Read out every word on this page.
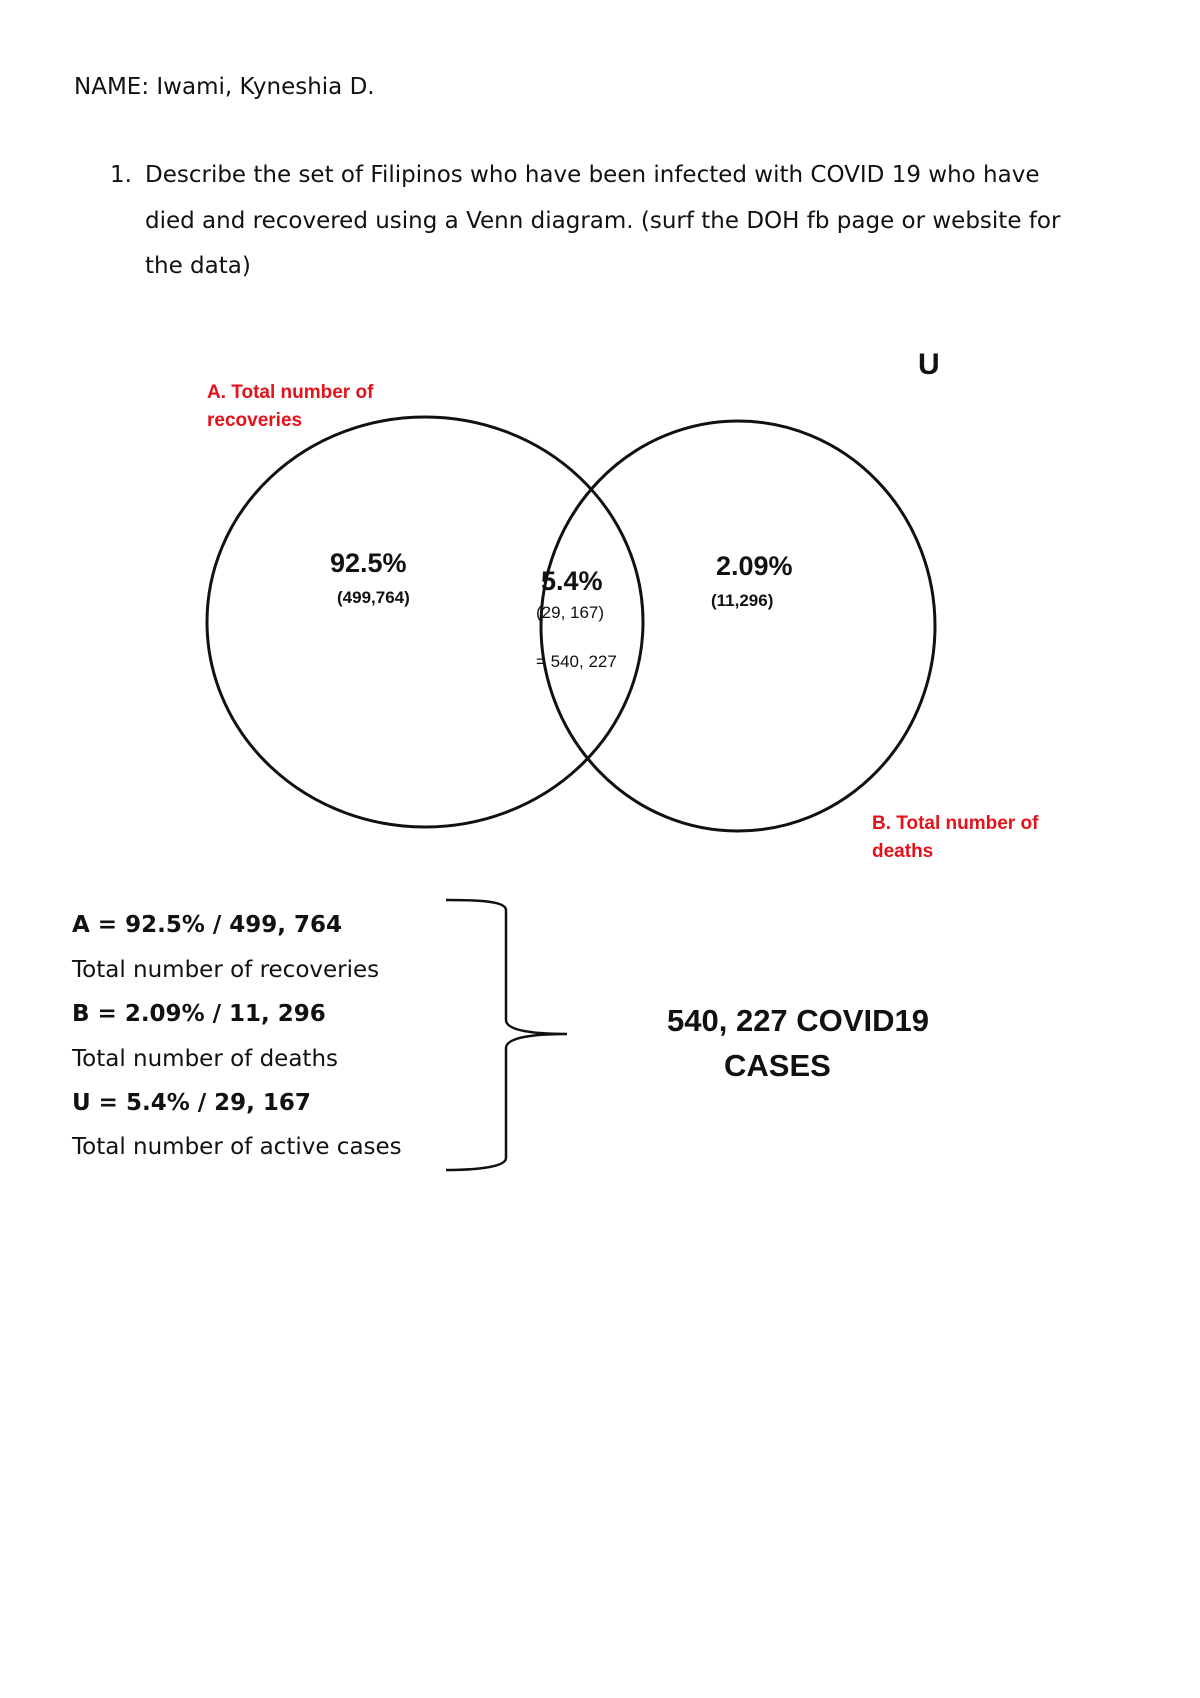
NAME: Iwami, Kyneshia D.
1. Describe the set of Filipinos who have been infected with COVID 19 who have
died and recovered using a Venn diagram. (surf the DOH fb page or website for
the data)
U
A. Total number of
recoveries
B. Total number of
deaths
92.5%
(499,764)
5.4%
(29, 167)
= 540, 227
2.09%
(11,296)
A = 92.5% / 499, 764
Total number of recoveries
B = 2.09% / 11, 296
Total number of deaths
U = 5.4% / 29, 167
Total number of active cases
540, 227 COVID19
CASES
